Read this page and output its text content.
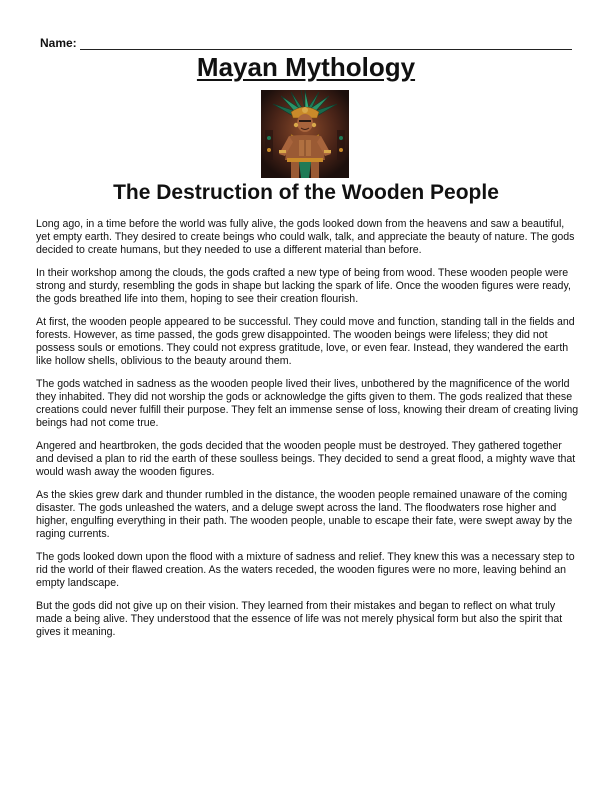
Name:
Mayan Mythology
The Destruction of the Wooden People

Long ago, in a time before the world was fully alive, the gods looked down from the heavens and saw a beautiful, yet empty earth. They desired to create beings who could walk, talk, and appreciate the beauty of nature. The gods decided to create humans, but they needed to use a different material than before.

In their workshop among the clouds, the gods crafted a new type of being from wood. These wooden people were strong and sturdy, resembling the gods in shape but lacking the spark of life. Once the wooden figures were ready, the gods breathed life into them, hoping to see their creation flourish.

At first, the wooden people appeared to be successful. They could move and function, standing tall in the fields and forests. However, as time passed, the gods grew disappointed. The wooden beings were lifeless; they did not possess souls or emotions. They could not express gratitude, love, or even fear. Instead, they wandered the earth like hollow shells, oblivious to the beauty around them.

The gods watched in sadness as the wooden people lived their lives, unbothered by the magnificence of the world they inhabited. They did not worship the gods or acknowledge the gifts given to them. The gods realized that these creations could never fulfill their purpose. They felt an immense sense of loss, knowing their dream of creating living beings had not come true.

Angered and heartbroken, the gods decided that the wooden people must be destroyed. They gathered together and devised a plan to rid the earth of these soulless beings. They decided to send a great flood, a mighty wave that would wash away the wooden figures.

As the skies grew dark and thunder rumbled in the distance, the wooden people remained unaware of the coming disaster. The gods unleashed the waters, and a deluge swept across the land. The floodwaters rose higher and higher, engulfing everything in their path. The wooden people, unable to escape their fate, were swept away by the raging currents.

The gods looked down upon the flood with a mixture of sadness and relief. They knew this was a necessary step to rid the world of their flawed creation. As the waters receded, the wooden figures were no more, leaving behind an empty landscape.

But the gods did not give up on their vision. They learned from their mistakes and began to reflect on what truly made a being alive. They understood that the essence of life was not merely physical form but also the spirit that gives it meaning.
